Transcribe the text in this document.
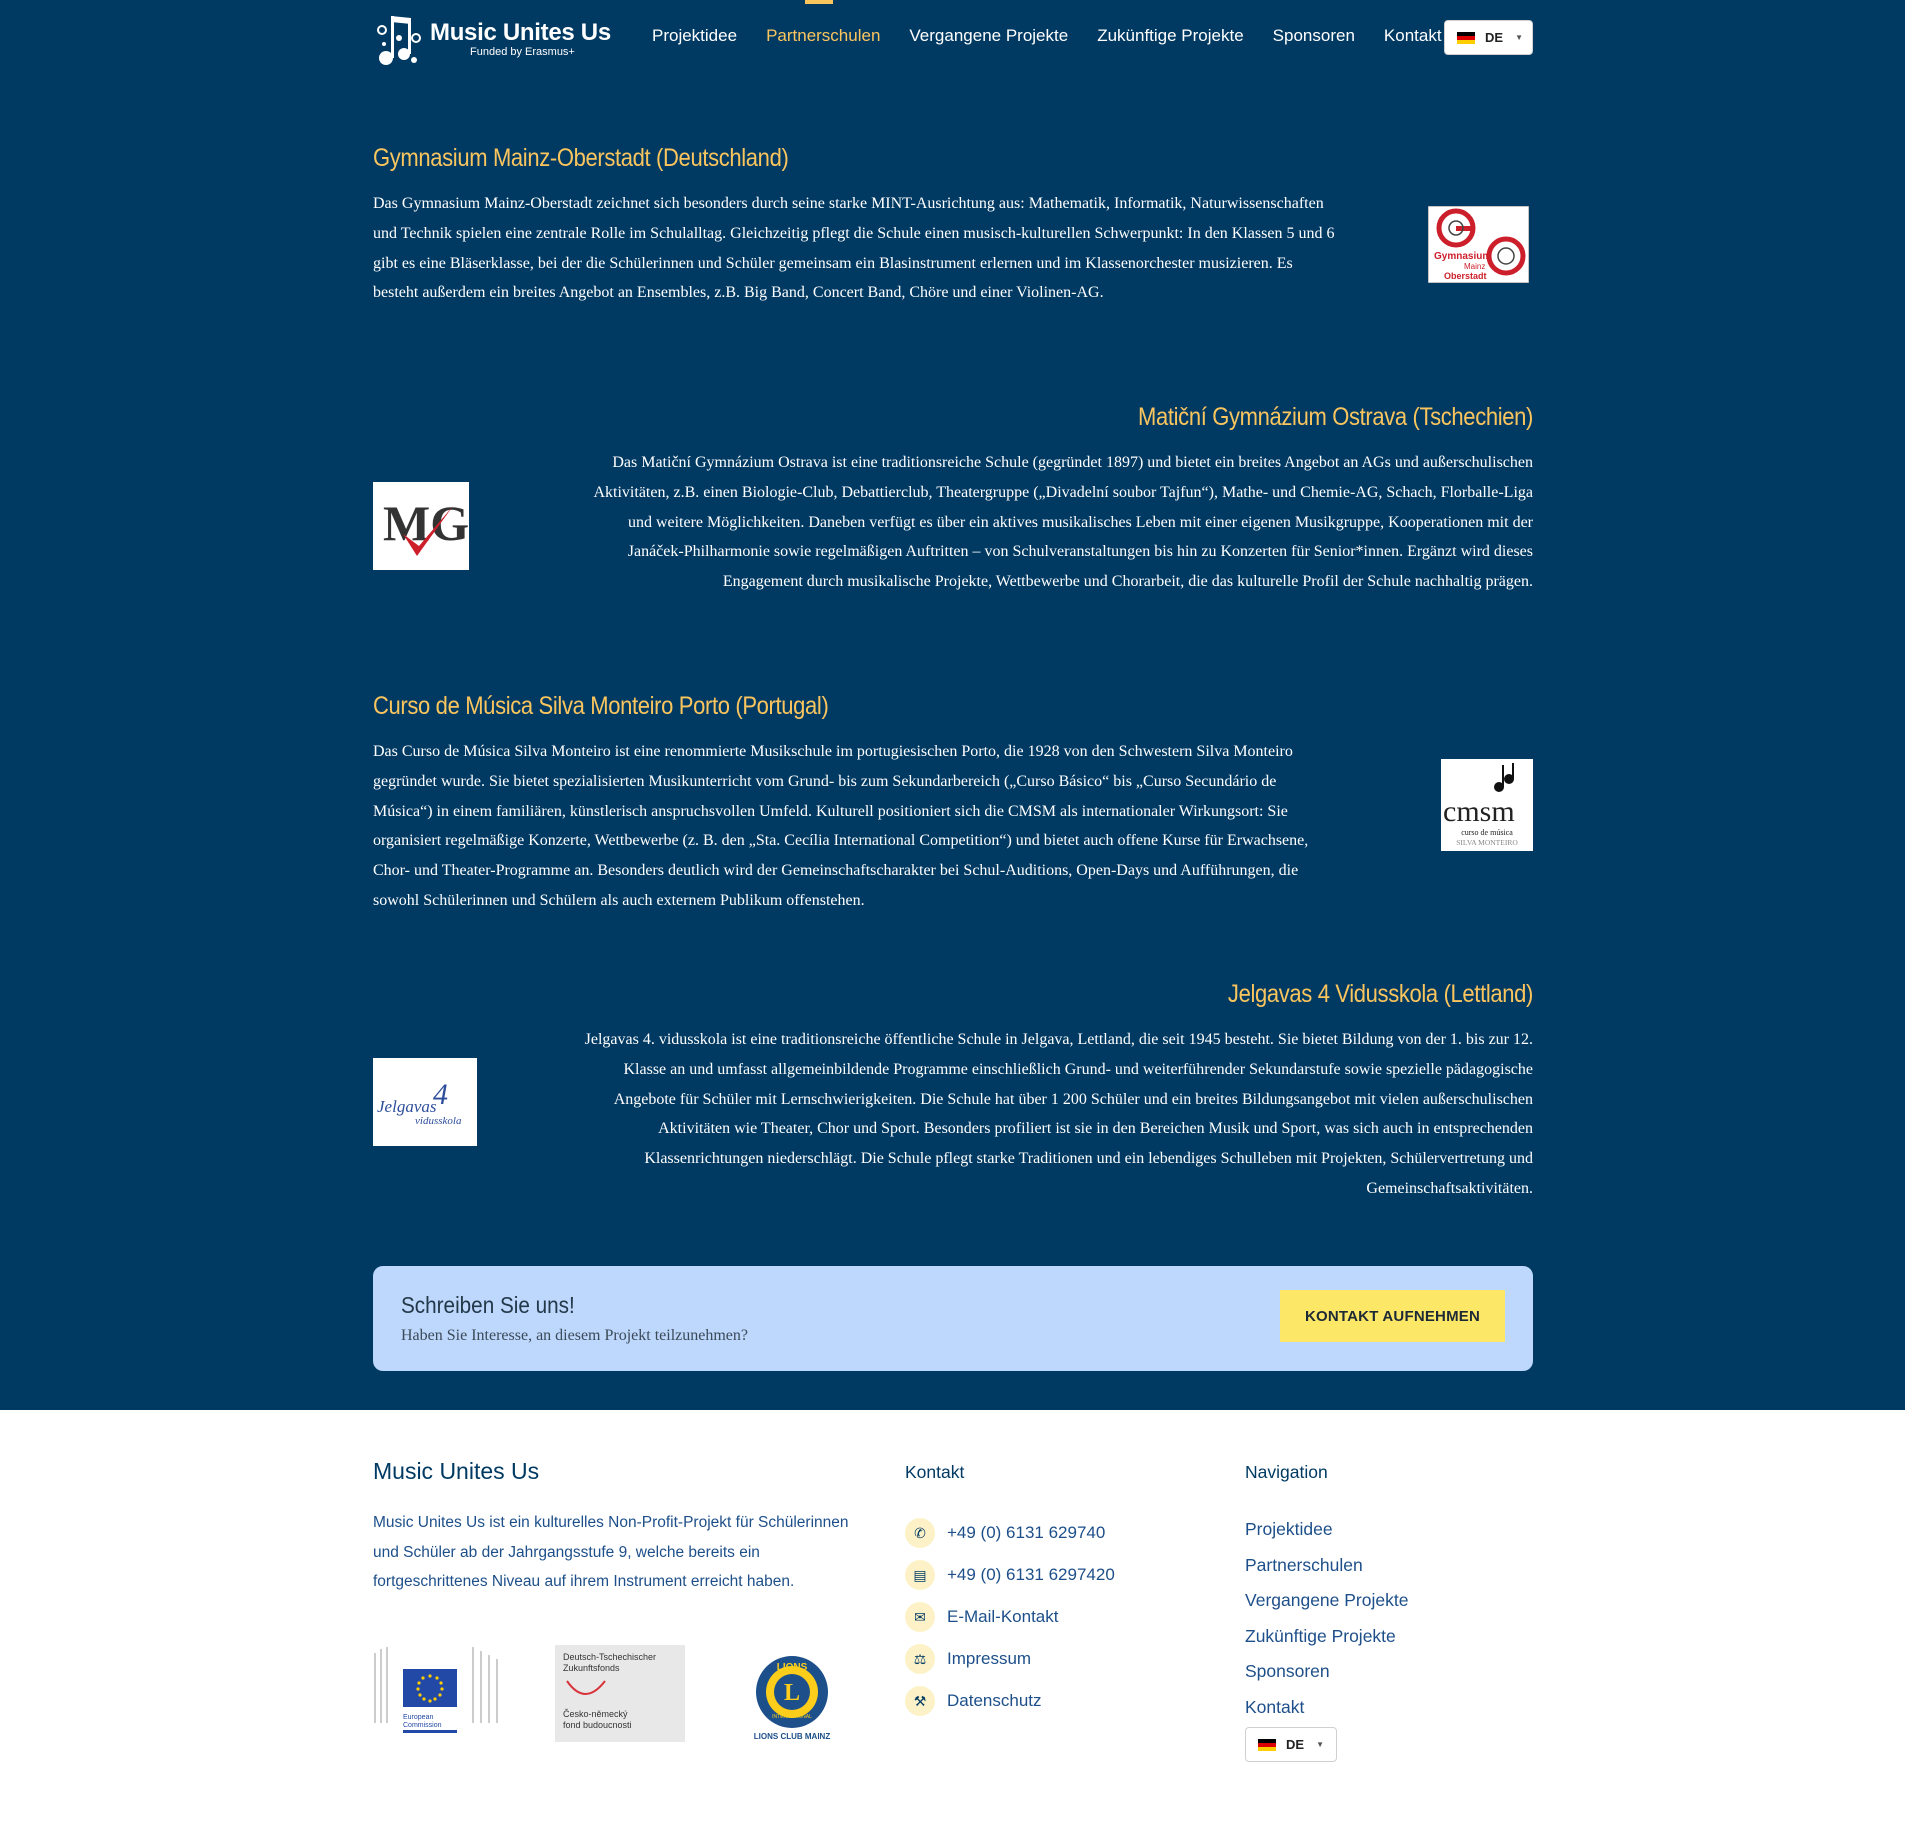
Music Unites Us
Funded by Erasmus+
Projektidee Partnerschulen Vergangene Projekte Zukünftige Projekte Sponsoren Kontakt	DE ▼
Gymnasium Mainz-Oberstadt (Deutschland)
Das Gymnasium Mainz-Oberstadt zeichnet sich besonders durch seine starke MINT-Ausrichtung aus: Mathematik, Informatik, Naturwissenschaften und Technik spielen eine zentrale Rolle im Schulalltag. Gleichzeitig pflegt die Schule einen musisch-kulturellen Schwerpunkt: In den Klassen 5 und 6 gibt es eine Bläserklasse, bei der die Schülerinnen und Schüler gemeinsam ein Blasinstrument erlernen und im Klassenorchester musizieren. Es besteht außerdem ein breites Angebot an Ensembles, z.B. Big Band, Concert Band, Chöre und einer Violinen-AG.
Gymnasium
Mainz
Oberstadt
Matiční Gymnázium Ostrava (Tschechien)
Das Matiční Gymnázium Ostrava ist eine traditionsreiche Schule (gegründet 1897) und bietet ein breites Angebot an AGs und außerschulischen Aktivitäten, z.B. einen Biologie-Club, Debattierclub, Theatergruppe („Divadelní soubor Tajfun“), Mathe- und Chemie-AG, Schach, Florballe-Liga und weitere Möglichkeiten. Daneben verfügt es über ein aktives musikalisches Leben mit einer eigenen Musikgruppe, Kooperationen mit der Janáček-Philharmonie sowie regelmäßigen Auftritten – von Schulveranstaltungen bis hin zu Konzerten für Senior*innen. Ergänzt wird dieses Engagement durch musikalische Projekte, Wettbewerbe und Chorarbeit, die das kulturelle Profil der Schule nachhaltig prägen.
MG
Curso de Música Silva Monteiro Porto (Portugal)
Das Curso de Música Silva Monteiro ist eine renommierte Musikschule im portugiesischen Porto, die 1928 von den Schwestern Silva Monteiro gegründet wurde. Sie bietet spezialisierten Musikunterricht vom Grund- bis zum Sekundarbereich („Curso Básico“ bis „Curso Secundário de Música“) in einem familiären, künstlerisch anspruchsvollen Umfeld. Kulturell positioniert sich die CMSM als internationaler Wirkungsort: Sie organisiert regelmäßige Konzerte, Wettbewerbe (z. B. den „Sta. Cecília International Competition“) und bietet auch offene Kurse für Erwachsene, Chor- und Theater-Programme an. Besonders deutlich wird der Gemeinschaftscharakter bei Schul-Auditions, Open-Days und Aufführungen, die sowohl Schülerinnen und Schülern als auch externem Publikum offenstehen.
cmsm
curso de música
SILVA MONTEIRO
Jelgavas 4 Vidusskola (Lettland)
Jelgavas 4. vidusskola ist eine traditionsreiche öffentliche Schule in Jelgava, Lettland, die seit 1945 besteht. Sie bietet Bildung von der 1. bis zur 12. Klasse an und umfasst allgemeinbildende Programme einschließlich Grund- und weiterführender Sekundarstufe sowie spezielle pädagogische Angebote für Schüler mit Lernschwierigkeiten. Die Schule hat über 1 200 Schüler und ein breites Bildungsangebot mit vielen außerschulischen Aktivitäten wie Theater, Chor und Sport. Besonders profiliert ist sie in den Bereichen Musik und Sport, was sich auch in entsprechenden Klassenrichtungen niederschlägt. Die Schule pflegt starke Traditionen und ein lebendiges Schulleben mit Projekten, Schülervertretung und Gemeinschaftsaktivitäten.
Jelgavas
4
vidusskola
Schreiben Sie uns!
Haben Sie Interesse, an diesem Projekt teilzunehmen?
KONTAKT AUFNEHMEN
Music Unites Us
Music Unites Us ist ein kulturelles Non-Profit-Projekt für Schülerinnen und Schüler ab der Jahrgangsstufe 9, welche bereits ein fortgeschrittenes Niveau auf ihrem Instrument erreicht haben.
European
Commission
Deutsch-Tschechischer
Zukunftsfonds
Česko-německý
fond budoucnosti
LIONS
L
INTERNATIONAL
LIONS CLUB MAINZ
Kontakt
✆	+49 (0) 6131 629740
▤	+49 (0) 6131 6297420
✉	E-Mail-Kontakt
⚖	Impressum
⚒	Datenschutz
Navigation
Projektidee
Partnerschulen
Vergangene Projekte
Zukünftige Projekte
Sponsoren
Kontakt
DE ▼
